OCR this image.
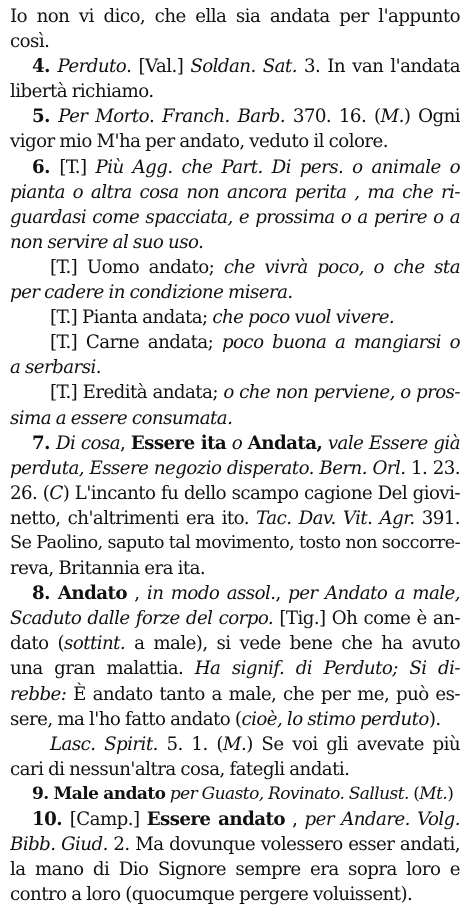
Io non vi dico, che ella sia andata per l'appunto
così.
4. Perduto. [Val.] Soldan. Sat. 3. In van l'andata
libertà richiamo.
5. Per Morto. Franch. Barb. 370. 16. (M.) Ogni
vigor mio M'ha per andato, veduto il colore.
6. [T.] Più Agg. che Part. Di pers. o animale o
pianta o altra cosa non ancora perita , ma che ri-
guardasi come spacciata, e prossima o a perire o a
non servire al suo uso.
[T.] Uomo andato; che vivrà poco, o che sta
per cadere in condizione misera.
[T.] Pianta andata; che poco vuol vivere.
[T.] Carne andata; poco buona a mangiarsi o
a serbarsi.
[T.] Eredità andata; o che non perviene, o pros-
sima a essere consumata.
7. Di cosa, Essere ita o Andata, vale Essere già
perduta, Essere negozio disperato. Bern. Orl. 1. 23.
26. (C) L'incanto fu dello scampo cagione Del giovi-
netto, ch'altrimenti era ito. Tac. Dav. Vit. Agr. 391.
Se Paolino, saputo tal movimento, tosto non soccorre-
reva, Britannia era ita.
8. Andato , in modo assol., per Andato a male,
Scaduto dalle forze del corpo. [Tig.] Oh come è an-
dato (sottint. a male), si vede bene che ha avuto
una gran malattia. Ha signif. di Perduto; Si di-
rebbe: È andato tanto a male, che per me, può es-
sere, ma l'ho fatto andato (cioè, lo stimo perduto).
Lasc. Spirit. 5. 1. (M.) Se voi gli avevate più
cari di nessun'altra cosa, fategli andati.
9. Male andato per Guasto, Rovinato. Sallust. (Mt.)
10. [Camp.] Essere andato , per Andare. Volg.
Bibb. Giud. 2. Ma dovunque volessero esser andati,
la mano di Dio Signore sempre era sopra loro e
contro a loro (quocumque pergere voluissent).
